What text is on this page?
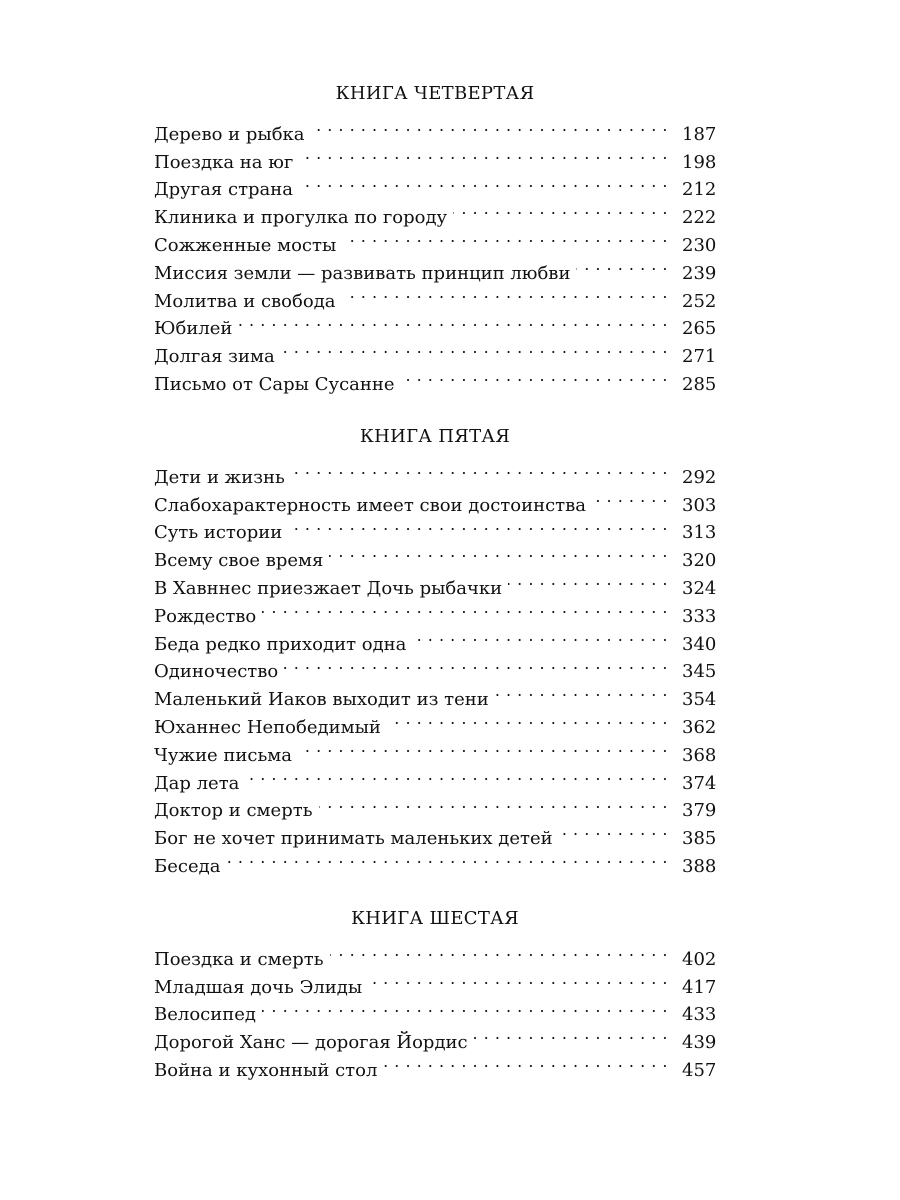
КНИГА ЧЕТВЕРТАЯ
Дерево и рыбка . . .	187
Поездка на юг . . .	198
Другая страна . . .	212
Клиника и прогулка по городу . . .	222
Сожженные мосты . . .	230
Миссия земли — развивать принцип любви . . .	239
Молитва и свобода . . .	252
Юбилей . . .	265
Долгая зима . . .	271
Письмо от Сары Сусанне . . .	285
КНИГА ПЯТАЯ
Дети и жизнь . . .	292
Слабохарактерность имеет свои достоинства . . .	303
Суть истории . . .	313
Всему свое время . . .	320
В Хавннес приезжает Дочь рыбачки . . .	324
Рождество . . .	333
Беда редко приходит одна . . .	340
Одиночество . . .	345
Маленький Иаков выходит из тени . . .	354
Юханнес Непобедимый . . .	362
Чужие письма . . .	368
Дар лета . . .	374
Доктор и смерть . . .	379
Бог не хочет принимать маленьких детей . . .	385
Беседа . . .	388
КНИГА ШЕСТАЯ
Поездка и смерть . . .	402
Младшая дочь Элиды . . .	417
Велосипед . . .	433
Дорогой Ханс — дорогая Йордис . . .	439
Война и кухонный стол . . .	457
